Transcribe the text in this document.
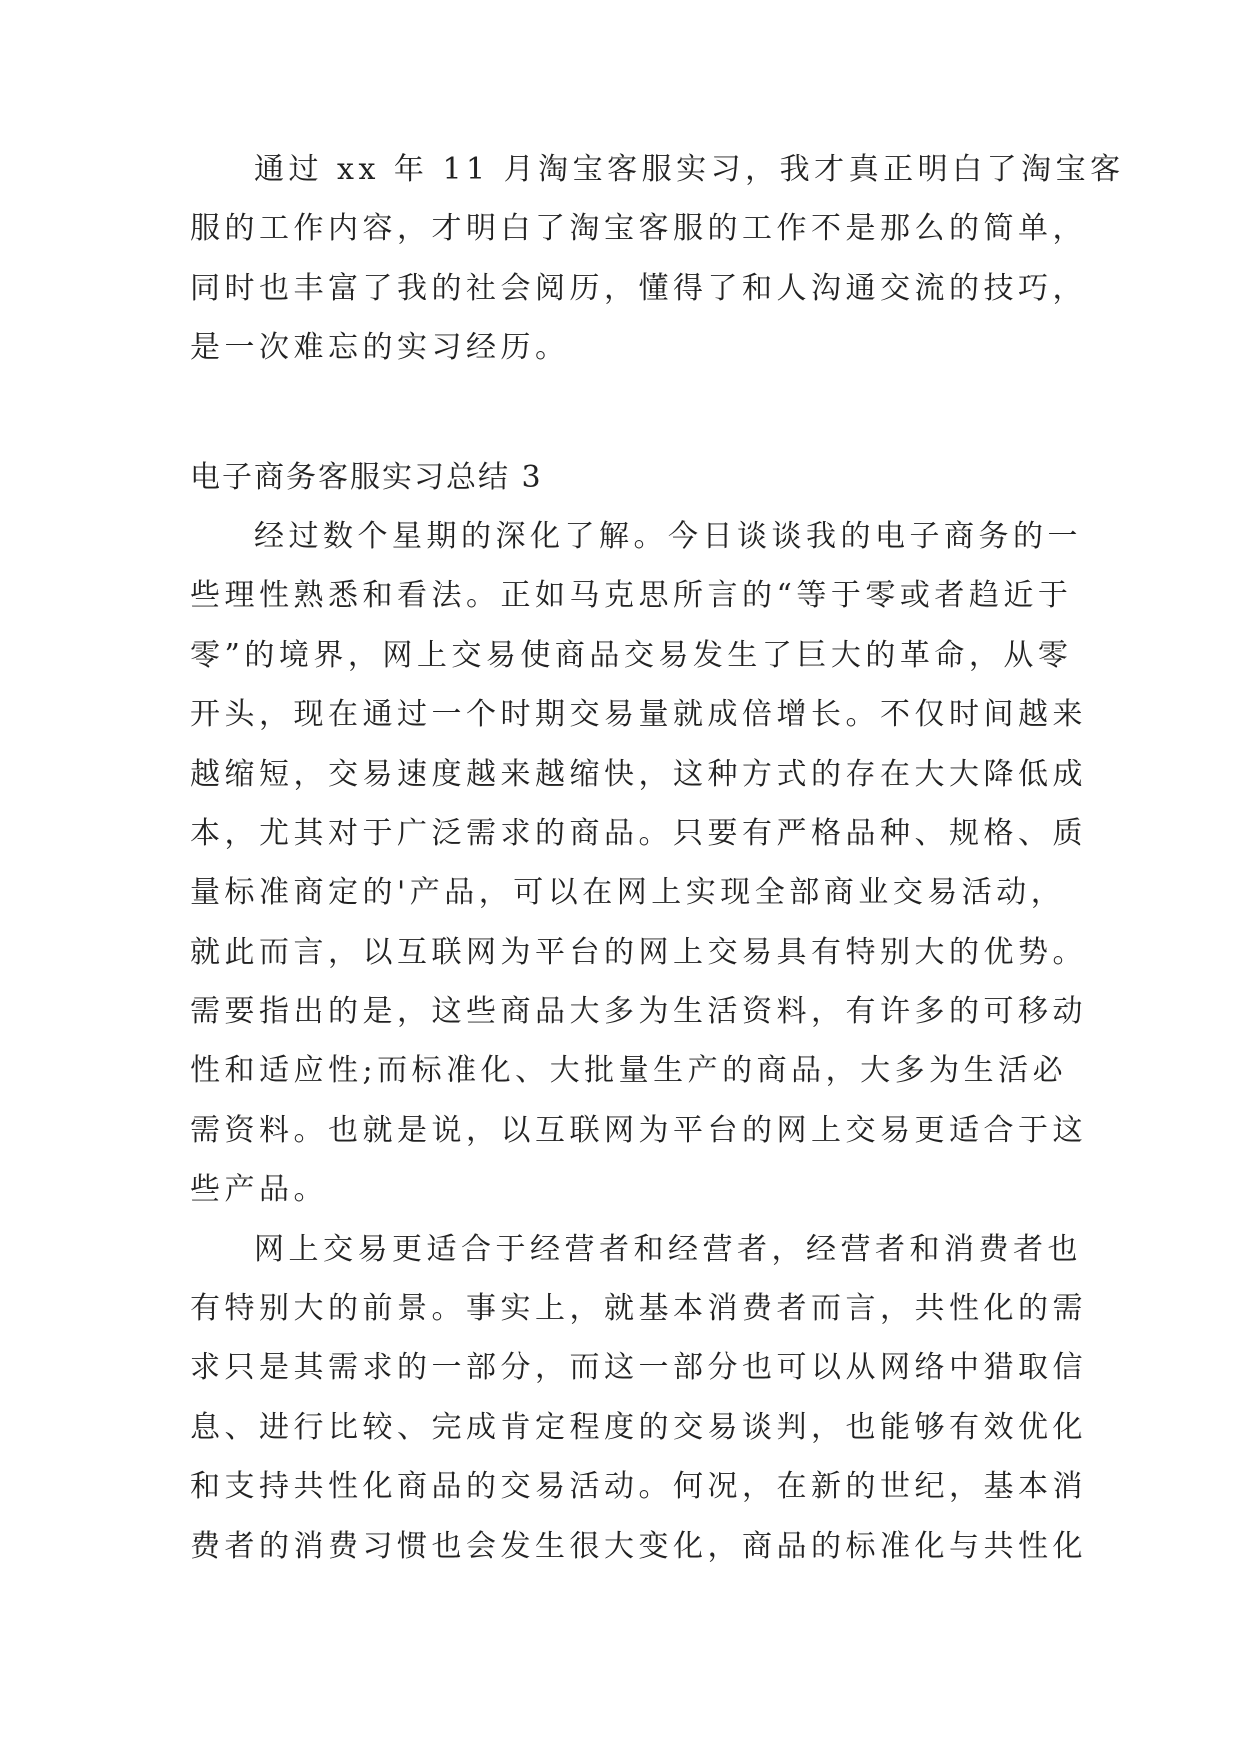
通过 xx 年 11 月淘宝客服实习，我才真正明白了淘宝客
服的工作内容，才明白了淘宝客服的工作不是那么的简单，
同时也丰富了我的社会阅历，懂得了和人沟通交流的技巧，
是一次难忘的实习经历。
电子商务客服实习总结 3
经过数个星期的深化了解。今日谈谈我的电子商务的一
些理性熟悉和看法。正如马克思所言的“等于零或者趋近于
零”的境界，网上交易使商品交易发生了巨大的革命，从零
开头，现在通过一个时期交易量就成倍增长。不仅时间越来
越缩短，交易速度越来越缩快，这种方式的存在大大降低成
本，尤其对于广泛需求的商品。只要有严格品种、规格、质
量标准商定的'产品，可以在网上实现全部商业交易活动，
就此而言，以互联网为平台的网上交易具有特别大的优势。
需要指出的是，这些商品大多为生活资料，有许多的可移动
性和适应性;而标准化、大批量生产的商品，大多为生活必
需资料。也就是说，以互联网为平台的网上交易更适合于这
些产品。
网上交易更适合于经营者和经营者，经营者和消费者也
有特别大的前景。事实上，就基本消费者而言，共性化的需
求只是其需求的一部分，而这一部分也可以从网络中猎取信
息、进行比较、完成肯定程度的交易谈判，也能够有效优化
和支持共性化商品的交易活动。何况，在新的世纪，基本消
费者的消费习惯也会发生很大变化，商品的标准化与共性化
